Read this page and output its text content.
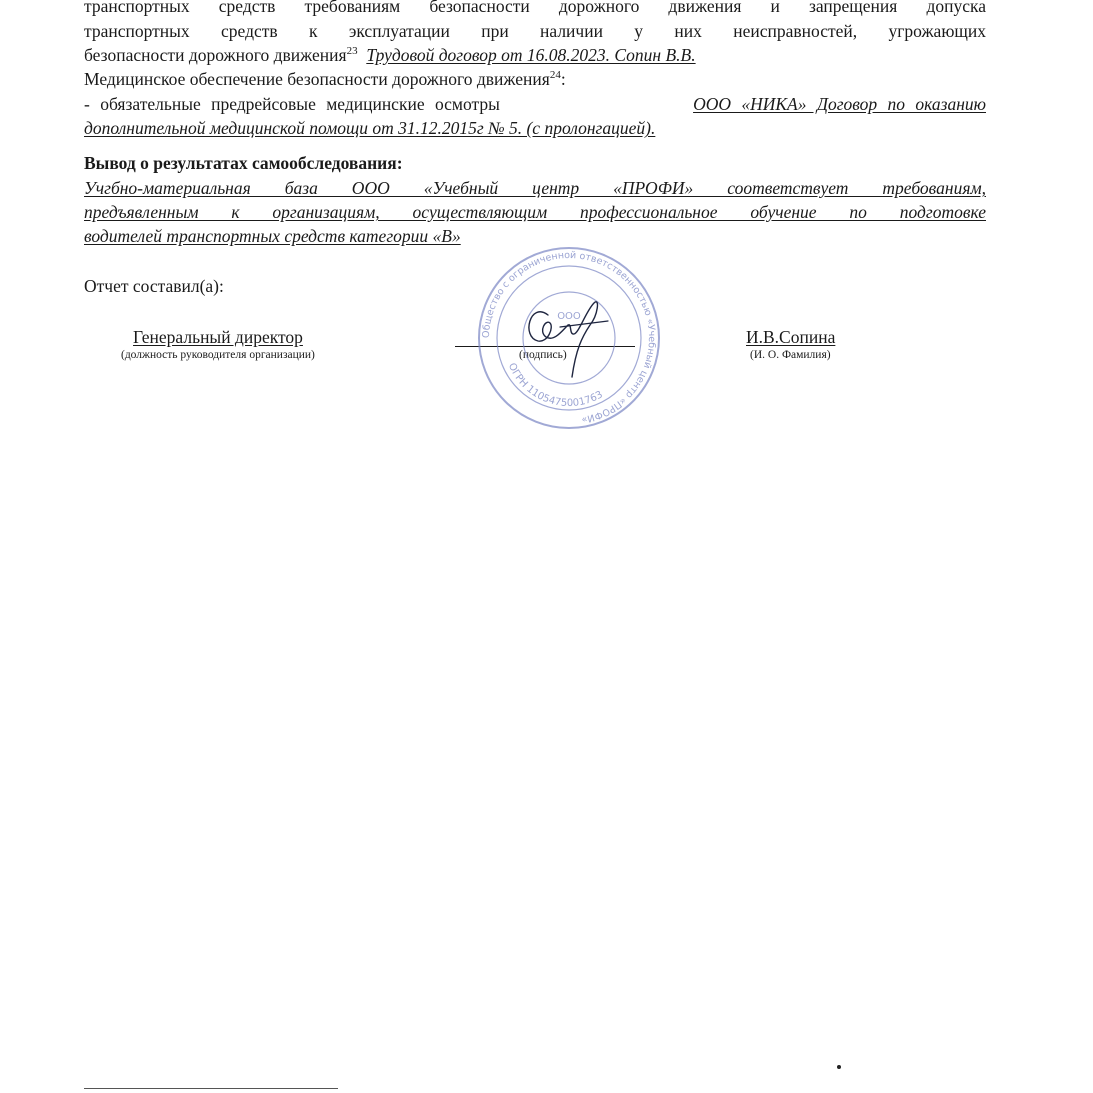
транспортных средств требованиям безопасности дорожного движения и запрещения допуска
транспортных средств к эксплуатации при наличии у них неисправностей, угрожающих
безопасности дорожного движения$^{23}$ Трудовой договор от 16.08.2023. Сопин В.В.
Медицинское обеспечение безопасности дорожного движения$^{24}$:
- обязательные предрейсовые медицинские осмотры	ООО «НИКА» Договор по оказанию
дополнительной медицинской помощи от 31.12.2015г № 5. (с пролонгацией).
Вывод о результатах самообследования:
Учгбно-материальная база ООО «Учебный центр «ПРОФИ» соответствует требованиям,
предъявленным к организациям, осуществляющим профессиональное обучение по подготовке
водителей транспортных средств категории «В»
Отчет составил(а):
Генеральный директор
(должность руководителя организации)	(подпись)
И.В.Сопина
(И. О. Фамилия)
Общество с ограниченной ответственностью «Учебный центр «ПРОФИ»
ОГРН 1105475001763
ООО
